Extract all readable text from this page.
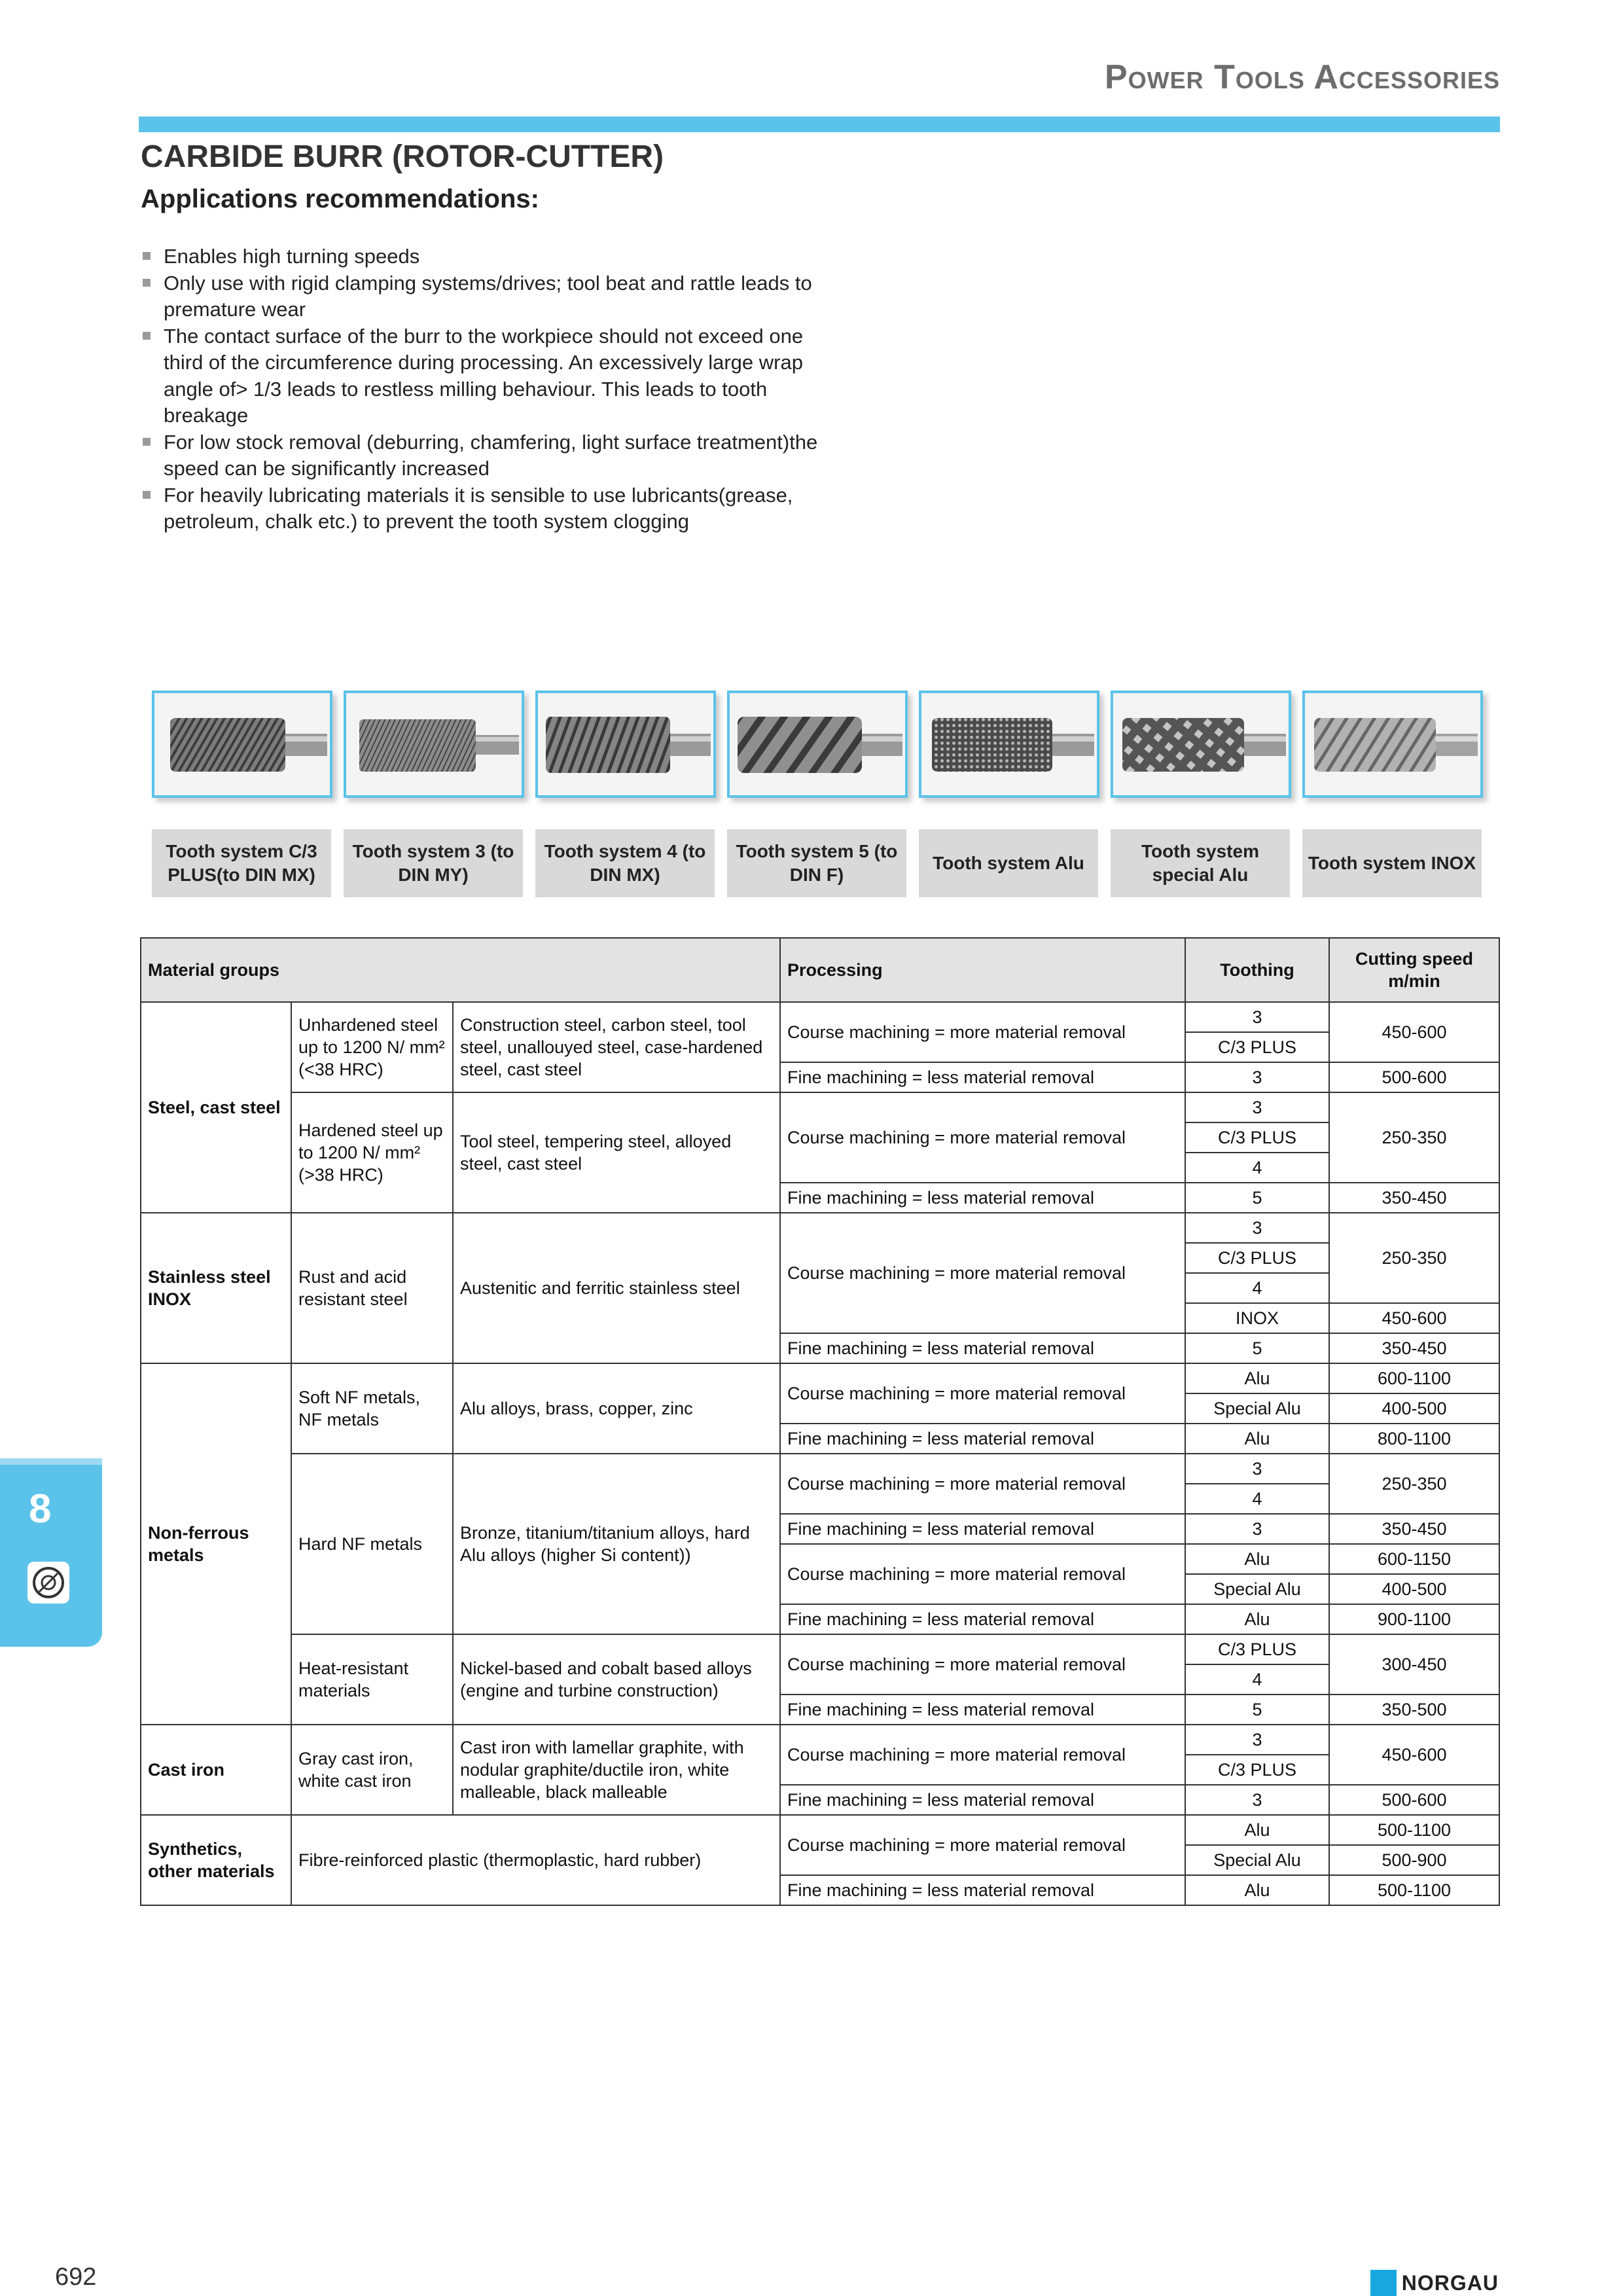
Power Tools Accessories
CARBIDE BURR (ROTOR-CUTTER)
Applications recommendations:
Enables high turning speeds
Only use with rigid clamping systems/drives; tool beat and rattle leads to premature wear
The contact surface of the burr to the workpiece should not exceed one third of the circumference during processing. An excessively large wrap angle of> 1/3 leads to restless milling behaviour. This leads to tooth breakage
For low stock removal (deburring, chamfering, light surface treatment)the speed can be significantly increased
For heavily lubricating materials it is sensible to use lubricants(grease, petroleum, chalk etc.) to prevent the tooth system clogging
Tooth system C/3 PLUS(to DIN MX)
Tooth system 3 (to DIN MY)
Tooth system 4 (to DIN MX)
Tooth system 5 (to DIN F)
Tooth system Alu
Tooth system special Alu
Tooth system INOX
Material groups			Processing	Toothing	Cutting speed m/min
Steel, cast steel	Unhardened steel up to 1200 N/ mm² (<38 HRC)	Construction steel, carbon steel, tool steel, unallouyed steel, case-hardened steel, cast steel	Course machining = more material removal	3	450-600
				C/3 PLUS	
			Fine machining = less material removal	3	500-600
	Hardened steel up to 1200 N/ mm² (>38 HRC)	Tool steel, tempering steel, alloyed steel, cast steel	Course machining = more material removal	3	250-350
				C/3 PLUS	
				4	
			Fine machining = less material removal	5	350-450
Stainless steel INOX	Rust and acid resistant steel	Austenitic and ferritic stainless steel	Course machining = more material removal	3	250-350
				C/3 PLUS	
				4	
				INOX	450-600
			Fine machining = less material removal	5	350-450
Non-ferrous metals	Soft NF metals, NF metals	Alu alloys, brass, copper, zinc	Course machining = more material removal	Alu	600-1100
				Special Alu	400-500
			Fine machining = less material removal	Alu	800-1100
	Hard NF metals	Bronze, titanium/titanium alloys, hard Alu alloys (higher Si content))	Course machining = more material removal	3	250-350
				4	
			Fine machining = less material removal	3	350-450
			Course machining = more material removal	Alu	600-1150
				Special Alu	400-500
			Fine machining = less material removal	Alu	900-1100
	Heat-resistant materials	Nickel-based and cobalt based alloys (engine and turbine construction)	Course machining = more material removal	C/3 PLUS	300-450
				4	
			Fine machining = less material removal	5	350-500
Cast iron	Gray cast iron, white cast iron	Cast iron with lamellar graphite, with nodular graphite/ductile iron, white malleable, black malleable	Course machining = more material removal	3	450-600
				C/3 PLUS	
			Fine machining = less material removal	3	500-600
Synthetics, other materials	Fibre-reinforced plastic (thermoplastic, hard rubber)		Course machining = more material removal	Alu	500-1100
				Special Alu	500-900
			Fine machining = less material removal	Alu	500-1100
8
692	NORGAU
